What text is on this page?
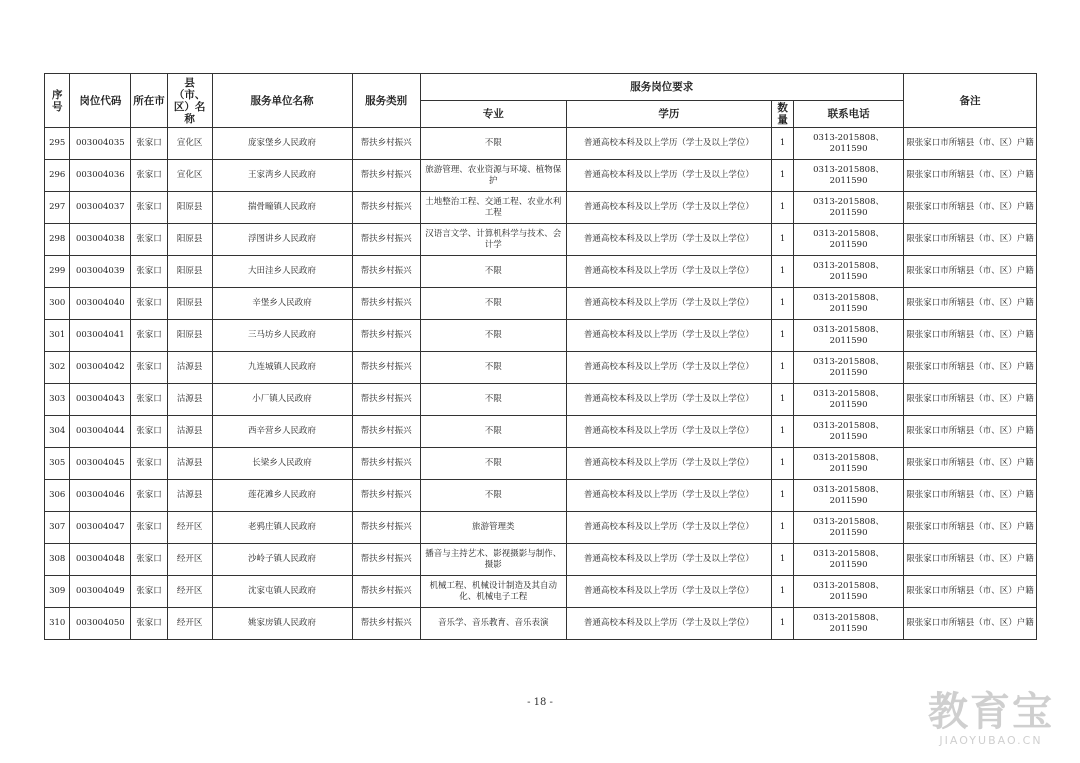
序号	岗位代码	所在市	县（市、区）名称	服务单位名称	服务类别	服务岗位要求				备注
						专业	学历	数量	联系电话	
295	003004035	张家口	宣化区	庞家堡乡人民政府	帮扶乡村振兴	不限	普通高校本科及以上学历（学士及以上学位）	1	0313-2015808、2011590	限张家口市所辖县（市、区）户籍
296	003004036	张家口	宣化区	王家湾乡人民政府	帮扶乡村振兴	旅游管理、农业资源与环境、植物保护	普通高校本科及以上学历（学士及以上学位）	1	0313-2015808、2011590	限张家口市所辖县（市、区）户籍
297	003004037	张家口	阳原县	揣骨疃镇人民政府	帮扶乡村振兴	土地整治工程、交通工程、农业水利工程	普通高校本科及以上学历（学士及以上学位）	1	0313-2015808、2011590	限张家口市所辖县（市、区）户籍
298	003004038	张家口	阳原县	浮图讲乡人民政府	帮扶乡村振兴	汉语言文学、计算机科学与技术、会计学	普通高校本科及以上学历（学士及以上学位）	1	0313-2015808、2011590	限张家口市所辖县（市、区）户籍
299	003004039	张家口	阳原县	大田洼乡人民政府	帮扶乡村振兴	不限	普通高校本科及以上学历（学士及以上学位）	1	0313-2015808、2011590	限张家口市所辖县（市、区）户籍
300	003004040	张家口	阳原县	辛堡乡人民政府	帮扶乡村振兴	不限	普通高校本科及以上学历（学士及以上学位）	1	0313-2015808、2011590	限张家口市所辖县（市、区）户籍
301	003004041	张家口	阳原县	三马坊乡人民政府	帮扶乡村振兴	不限	普通高校本科及以上学历（学士及以上学位）	1	0313-2015808、2011590	限张家口市所辖县（市、区）户籍
302	003004042	张家口	沽源县	九连城镇人民政府	帮扶乡村振兴	不限	普通高校本科及以上学历（学士及以上学位）	1	0313-2015808、2011590	限张家口市所辖县（市、区）户籍
303	003004043	张家口	沽源县	小厂镇人民政府	帮扶乡村振兴	不限	普通高校本科及以上学历（学士及以上学位）	1	0313-2015808、2011590	限张家口市所辖县（市、区）户籍
304	003004044	张家口	沽源县	西辛营乡人民政府	帮扶乡村振兴	不限	普通高校本科及以上学历（学士及以上学位）	1	0313-2015808、2011590	限张家口市所辖县（市、区）户籍
305	003004045	张家口	沽源县	长梁乡人民政府	帮扶乡村振兴	不限	普通高校本科及以上学历（学士及以上学位）	1	0313-2015808、2011590	限张家口市所辖县（市、区）户籍
306	003004046	张家口	沽源县	莲花滩乡人民政府	帮扶乡村振兴	不限	普通高校本科及以上学历（学士及以上学位）	1	0313-2015808、2011590	限张家口市所辖县（市、区）户籍
307	003004047	张家口	经开区	老鸦庄镇人民政府	帮扶乡村振兴	旅游管理类	普通高校本科及以上学历（学士及以上学位）	1	0313-2015808、2011590	限张家口市所辖县（市、区）户籍
308	003004048	张家口	经开区	沙岭子镇人民政府	帮扶乡村振兴	播音与主持艺术、影视摄影与制作、摄影	普通高校本科及以上学历（学士及以上学位）	1	0313-2015808、2011590	限张家口市所辖县（市、区）户籍
309	003004049	张家口	经开区	沈家屯镇人民政府	帮扶乡村振兴	机械工程、机械设计制造及其自动化、机械电子工程	普通高校本科及以上学历（学士及以上学位）	1	0313-2015808、2011590	限张家口市所辖县（市、区）户籍
310	003004050	张家口	经开区	姚家房镇人民政府	帮扶乡村振兴	音乐学、音乐教育、音乐表演	普通高校本科及以上学历（学士及以上学位）	1	0313-2015808、2011590	限张家口市所辖县（市、区）户籍
- 18 -	教育宝
JIAOYUBAO.CN
